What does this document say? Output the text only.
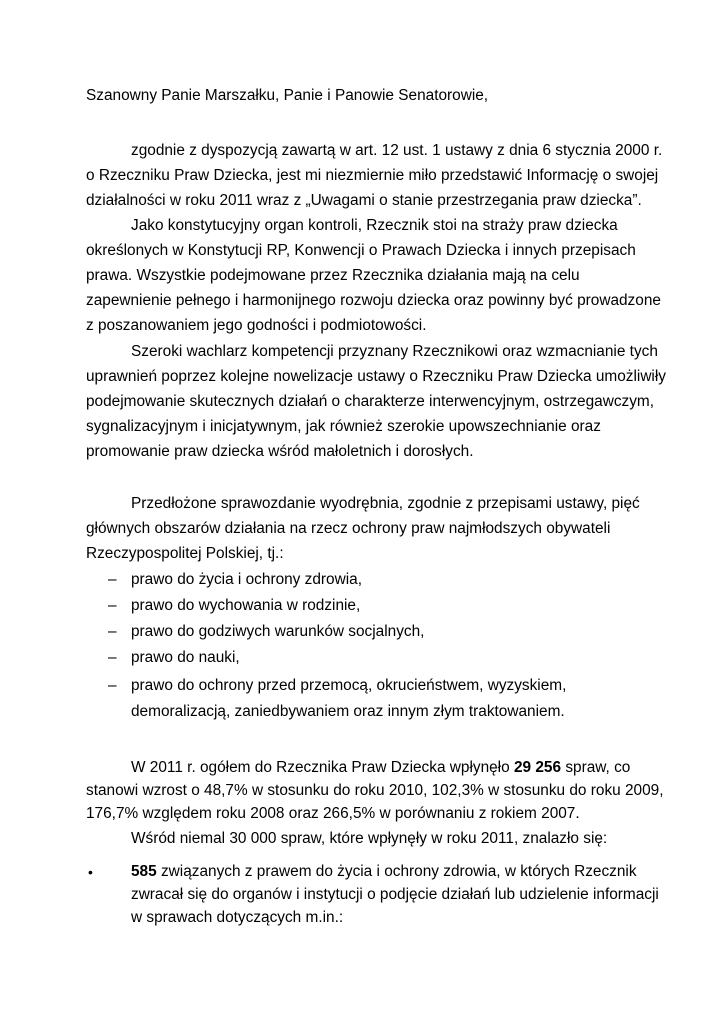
Szanowny Panie Marszałku, Panie i Panowie Senatorowie,
zgodnie z dyspozycją zawartą w art. 12 ust. 1 ustawy z dnia 6 stycznia 2000 r.
o Rzeczniku Praw Dziecka, jest mi niezmiernie miło przedstawić Informację o swojej
działalności w roku 2011 wraz z „Uwagami o stanie przestrzegania praw dziecka”.
Jako konstytucyjny organ kontroli, Rzecznik stoi na straży praw dziecka
określonych w Konstytucji RP, Konwencji o Prawach Dziecka i innych przepisach
prawa. Wszystkie podejmowane przez Rzecznika działania mają na celu
zapewnienie pełnego i harmonijnego rozwoju dziecka oraz powinny być prowadzone
z poszanowaniem jego godności i podmiotowości.
Szeroki wachlarz kompetencji przyznany Rzecznikowi oraz wzmacnianie tych
uprawnień poprzez kolejne nowelizacje ustawy o Rzeczniku Praw Dziecka umożliwiły
podejmowanie skutecznych działań o charakterze interwencyjnym, ostrzegawczym,
sygnalizacyjnym i inicjatywnym, jak również szerokie upowszechnianie oraz
promowanie praw dziecka wśród małoletnich i dorosłych.
Przedłożone sprawozdanie wyodrębnia, zgodnie z przepisami ustawy, pięć
głównych obszarów działania na rzecz ochrony praw najmłodszych obywateli
Rzeczypospolitej Polskiej, tj.:
– prawo do życia i ochrony zdrowia,
– prawo do wychowania w rodzinie,
– prawo do godziwych warunków socjalnych,
– prawo do nauki,
– prawo do ochrony przed przemocą, okrucieństwem, wyzyskiem,
demoralizacją, zaniedbywaniem oraz innym złym traktowaniem.
W 2011 r. ogółem do Rzecznika Praw Dziecka wpłynęło 29 256 spraw, co
stanowi wzrost o 48,7% w stosunku do roku 2010, 102,3% w stosunku do roku 2009,
176,7% względem roku 2008 oraz 266,5% w porównaniu z rokiem 2007.
Wśród niemal 30 000 spraw, które wpłynęły w roku 2011, znalazło się:
• 585 związanych z prawem do życia i ochrony zdrowia, w których Rzecznik
zwracał się do organów i instytucji o podjęcie działań lub udzielenie informacji
w sprawach dotyczących m.in.:
